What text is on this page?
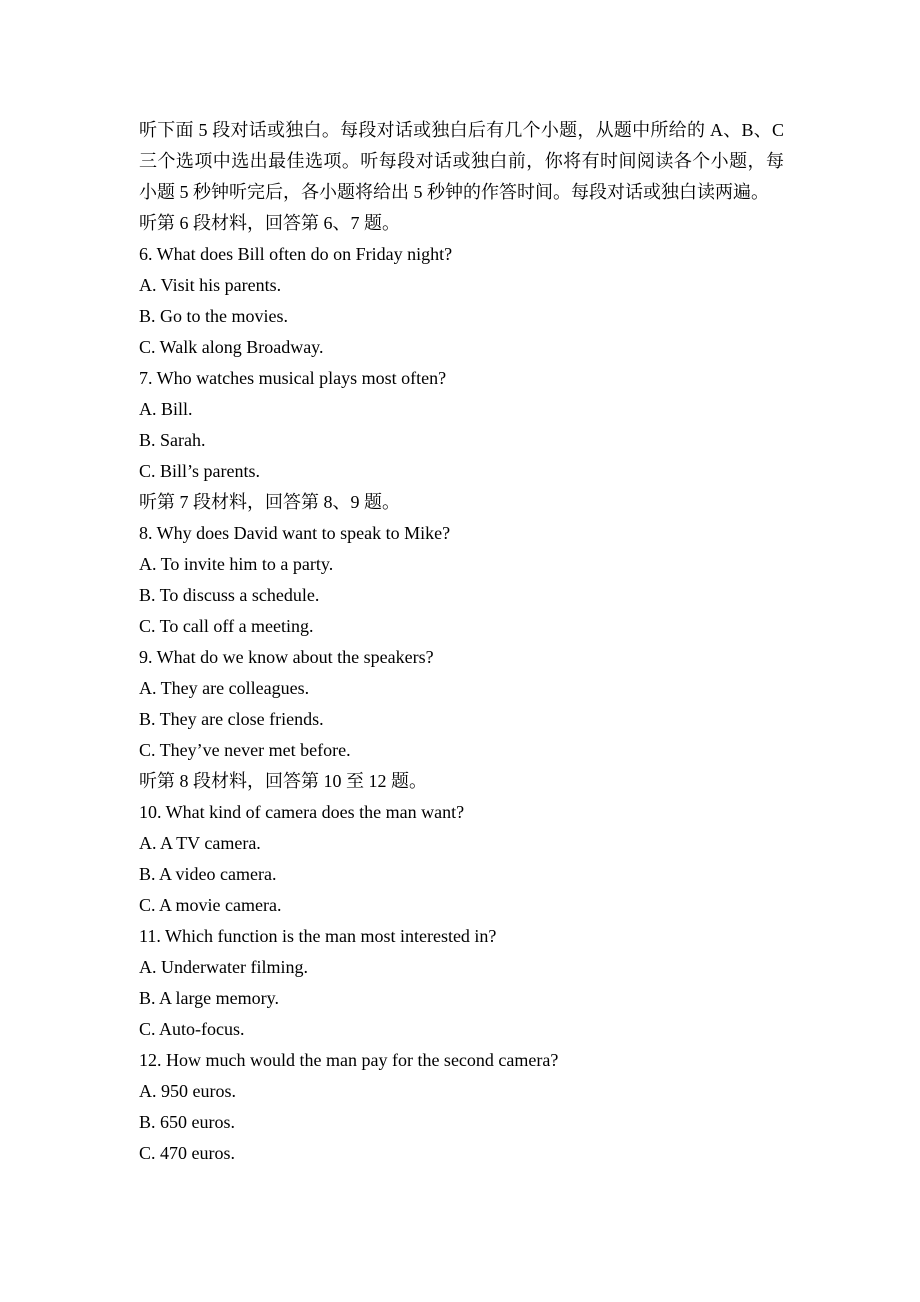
听下面 5 段对话或独白。每段对话或独白后有几个小题，从题中所给的 A、B、C
三个选项中选出最佳选项。听每段对话或独白前，你将有时间阅读各个小题，每
小题 5 秒钟听完后，各小题将给出 5 秒钟的作答时间。每段对话或独白读两遍。
听第 6 段材料，回答第 6、7 题。
6. What does Bill often do on Friday night?
A. Visit his parents.
B. Go to the movies.
C. Walk along Broadway.
7. Who watches musical plays most often?
A. Bill.
B. Sarah.
C. Bill’s parents.
听第 7 段材料，回答第 8、9 题。
8. Why does David want to speak to Mike?
A. To invite him to a party.
B. To discuss a schedule.
C. To call off a meeting.
9. What do we know about the speakers?
A. They are colleagues.
B. They are close friends.
C. They’ve never met before.
听第 8 段材料，回答第 10 至 12 题。
10. What kind of camera does the man want?
A. A TV camera.
B. A video camera.
C. A movie camera.
11. Which function is the man most interested in?
A. Underwater filming.
B. A large memory.
C. Auto-focus.
12. How much would the man pay for the second camera?
A. 950 euros.
B. 650 euros.
C. 470 euros.
